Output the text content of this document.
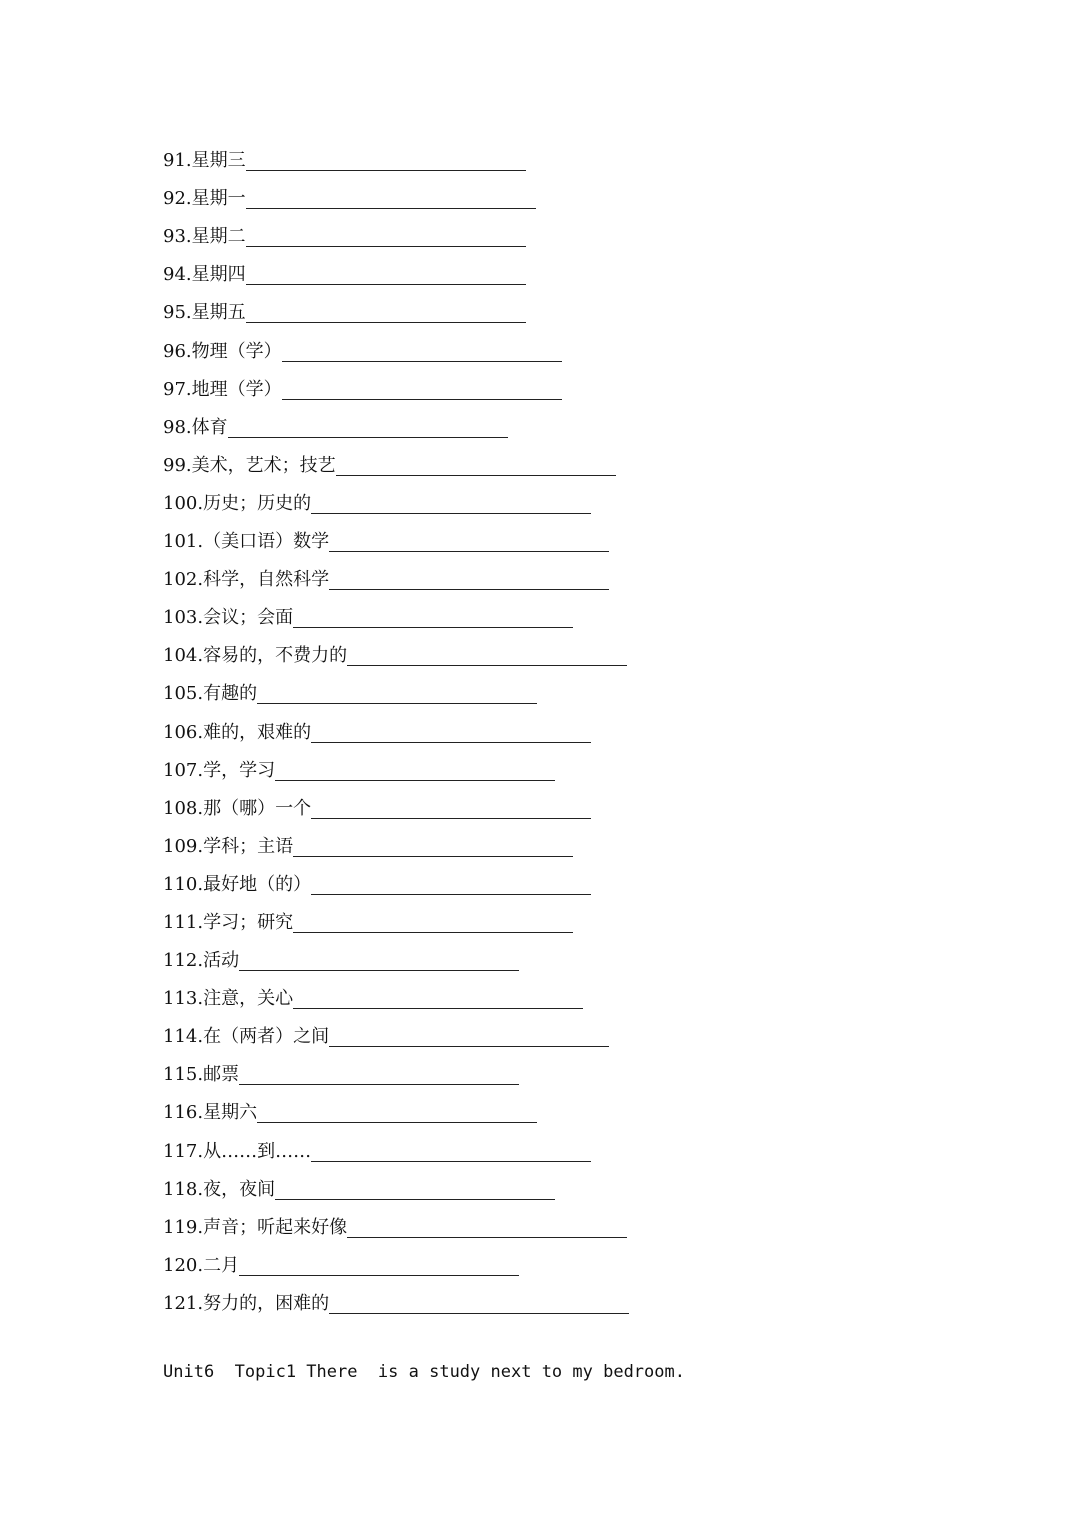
91. 星期三
92. 星期一
93. 星期二
94. 星期四
95. 星期五
96. 物理（学）
97. 地理（学）
98. 体育
99. 美术，艺术；技艺
100. 历史；历史的
101. （美口语）数学
102. 科学，自然科学
103. 会议；会面
104. 容易的，不费力的
105. 有趣的
106. 难的，艰难的
107. 学，学习
108. 那（哪）一个
109. 学科；主语
110. 最好地（的）
111. 学习；研究
112. 活动
113. 注意，关心
114. 在（两者）之间
115. 邮票
116. 星期六
117. 从……到……
118. 夜，夜间
119. 声音；听起来好像
120. 二月
121. 努力的，困难的
Unit6  Topic1 There  is a study next to my bedroom.
